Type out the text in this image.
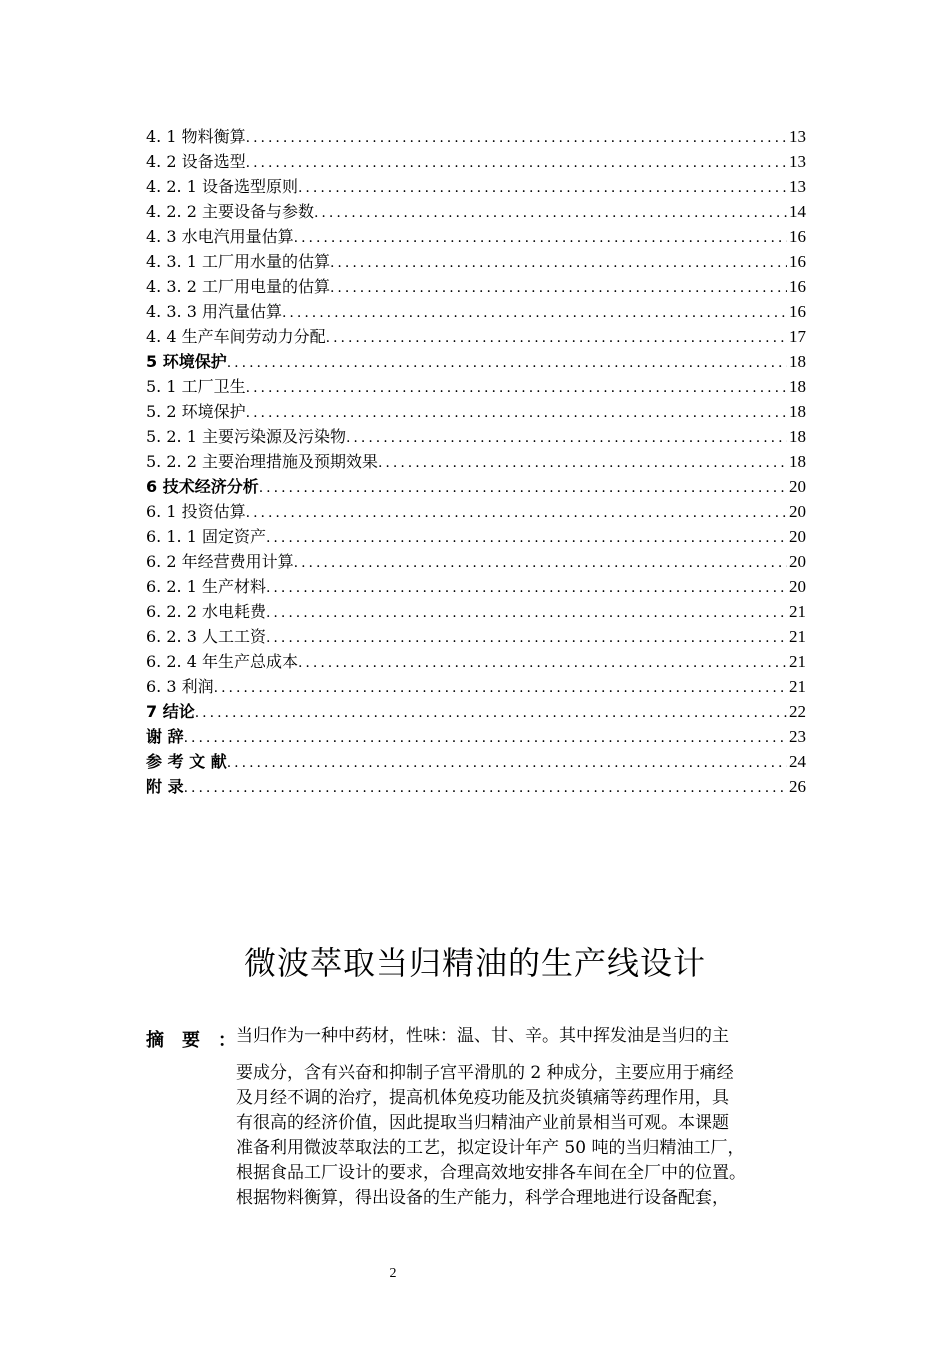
4. 1 物料衡算 .....	13
4. 2 设备选型 .....	13
4. 2. 1 设备选型原则 .....	13
4. 2. 2 主要设备与参数 .....	14
4. 3 水电汽用量估算 .....	16
4. 3. 1 工厂用水量的估算 .....	16
4. 3. 2 工厂用电量的估算 .....	16
4. 3. 3 用汽量估算 .....	16
4. 4 生产车间劳动力分配 .....	17
5 环境保护 .....	18
5. 1 工厂卫生 .....	18
5. 2 环境保护 .....	18
5. 2. 1 主要污染源及污染物 .....	18
5. 2. 2 主要治理措施及预期效果 .....	18
6 技术经济分析 .....	20
6. 1 投资估算 .....	20
6. 1. 1 固定资产 .....	20
6. 2 年经营费用计算 .....	20
6. 2. 1 生产材料 .....	20
6. 2. 2 水电耗费 .....	21
6. 2. 3 人工工资 .....	21
6. 2. 4 年生产总成本 .....	21
6. 3 利润 .....	21
7 结论 .....	22
谢 辞 .....	23
参 考 文 献 .....	24
附 录 .....	26
微波萃取当归精油的生产线设计
摘要：

当归作为一种中药材，性味：温、甘、辛。其中挥发油是当归的主

要成分，含有兴奋和抑制子宫平滑肌的 2 种成分，主要应用于痛经

及月经不调的治疗，提高机体免疫功能及抗炎镇痛等药理作用，具

有很高的经济价值，因此提取当归精油产业前景相当可观。本课题

准备利用微波萃取法的工艺，拟定设计年产 50 吨的当归精油工厂，

根据食品工厂设计的要求，合理高效地安排各车间在全厂中的位置。

根据物料衡算，得出设备的生产能力，科学合理地进行设备配套，

2
